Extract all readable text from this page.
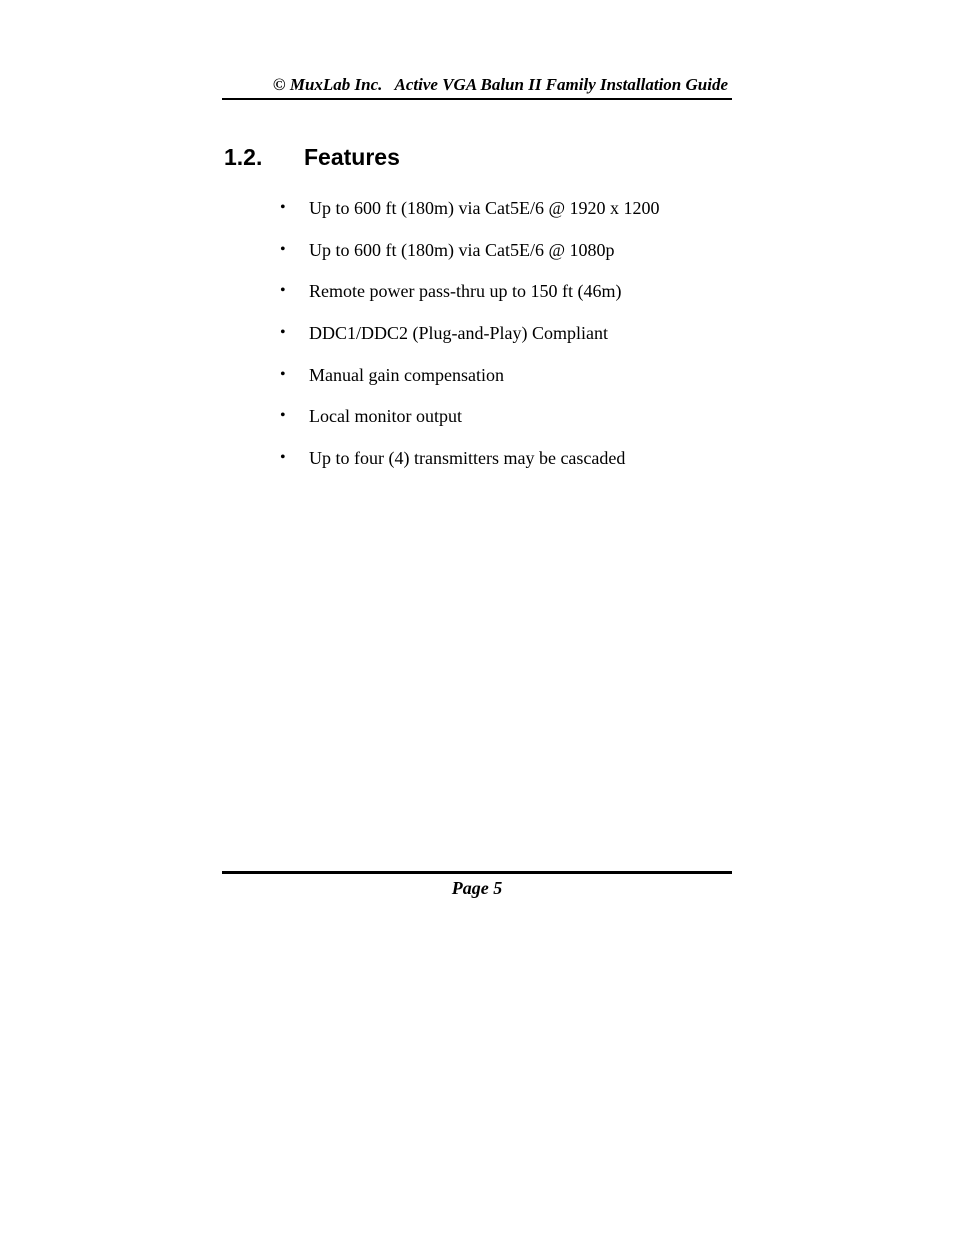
© MuxLab Inc.   Active VGA Balun II Family Installation Guide
1.2. Features
•	Up to 600 ft (180m) via Cat5E/6 @ 1920 x 1200
•	Up to 600 ft (180m) via Cat5E/6 @ 1080p
•	Remote power pass-thru up to 150 ft (46m)
•	DDC1/DDC2 (Plug-and-Play) Compliant
•	Manual gain compensation
•	Local monitor output
•	Up to four (4) transmitters may be cascaded
Page 5
